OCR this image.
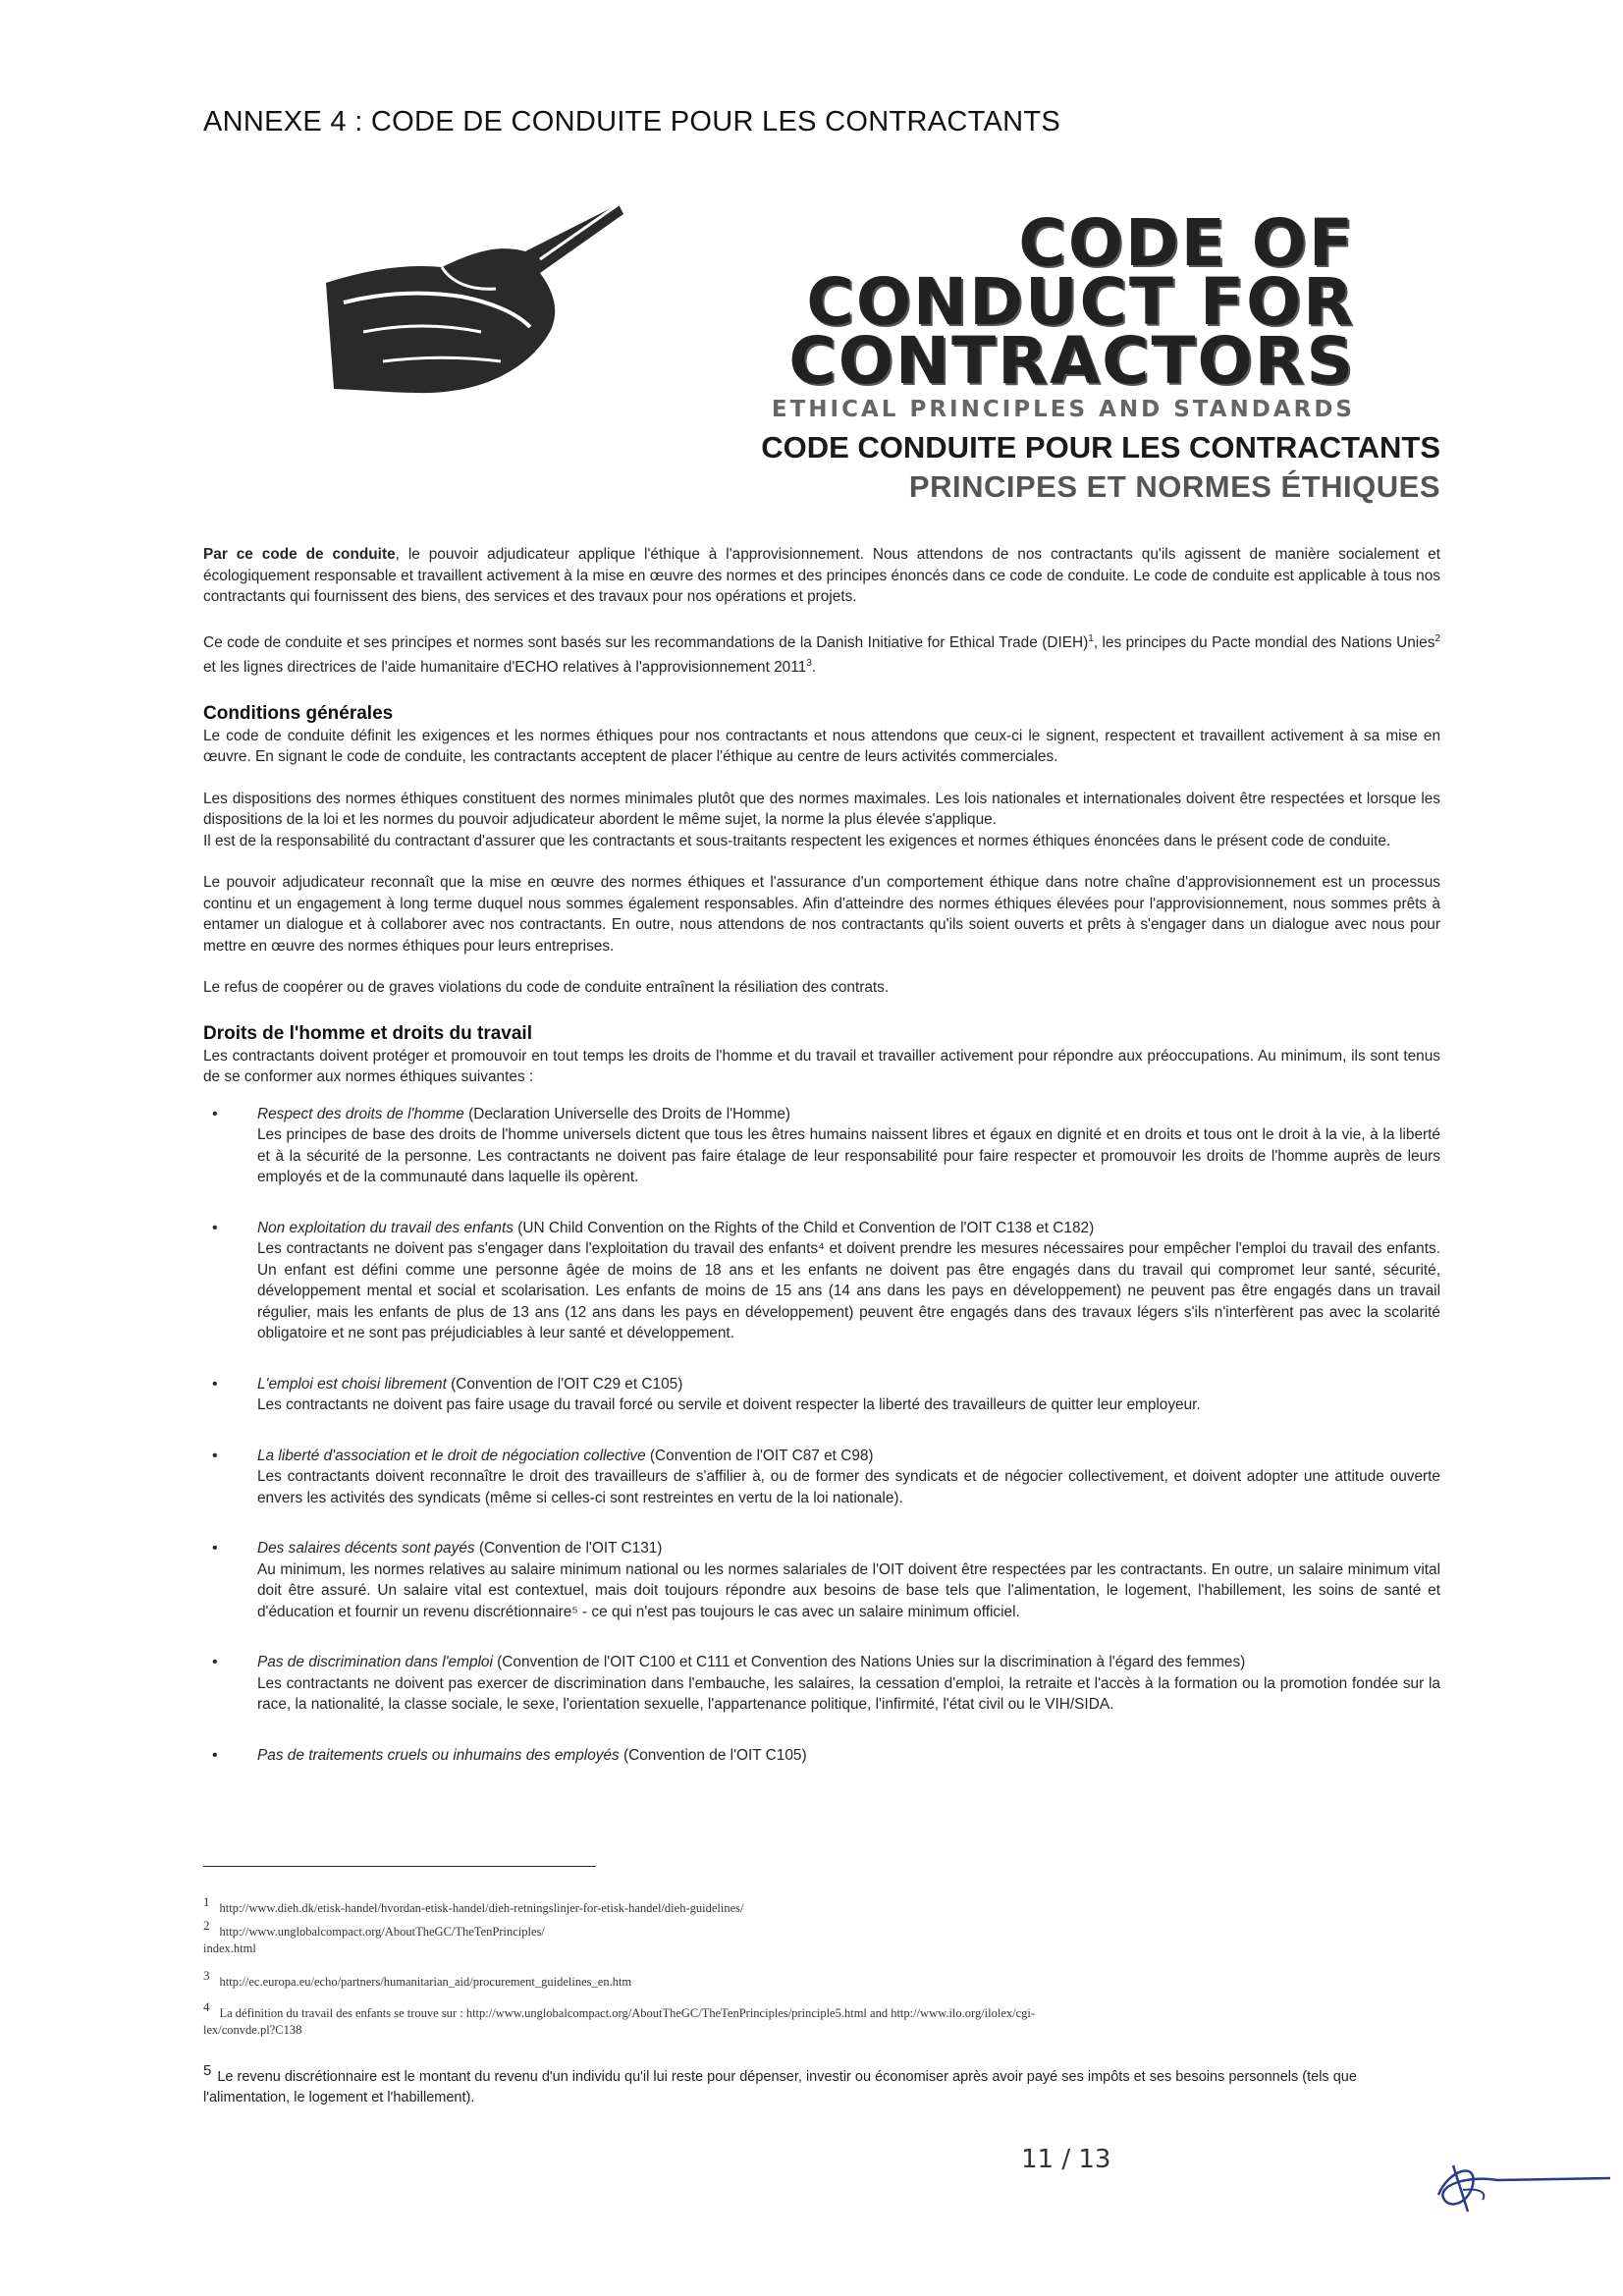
ANNEXE 4 : CODE DE CONDUITE POUR LES CONTRACTANTS
CODE OF
CONDUCT FOR
CONTRACTORS
ETHICAL PRINCIPLES AND STANDARDS
CODE CONDUITE POUR LES CONTRACTANTS
PRINCIPES ET NORMES ÉTHIQUES

Par ce code de conduite, le pouvoir adjudicateur applique l'éthique à l'approvisionnement. Nous attendons de nos contractants qu'ils agissent de manière socialement et écologiquement responsable et travaillent activement à la mise en œuvre des normes et des principes énoncés dans ce code de conduite. Le code de conduite est applicable à tous nos contractants qui fournissent des biens, des services et des travaux pour nos opérations et projets.

Ce code de conduite et ses principes et normes sont basés sur les recommandations de la Danish Initiative for Ethical Trade (DIEH)$^1$, les principes du Pacte mondial des Nations Unies$^2$ et les lignes directrices de l'aide humanitaire d'ECHO relatives à l'approvisionnement 2011$^3$.

Conditions générales

Le code de conduite définit les exigences et les normes éthiques pour nos contractants et nous attendons que ceux-ci le signent, respectent et travaillent activement à sa mise en œuvre. En signant le code de conduite, les contractants acceptent de placer l'éthique au centre de leurs activités commerciales.

Les dispositions des normes éthiques constituent des normes minimales plutôt que des normes maximales. Les lois nationales et internationales doivent être respectées et lorsque les dispositions de la loi et les normes du pouvoir adjudicateur abordent le même sujet, la norme la plus élevée s'applique.

Il est de la responsabilité du contractant d'assurer que les contractants et sous-traitants respectent les exigences et normes éthiques énoncées dans le présent code de conduite.

Le pouvoir adjudicateur reconnaît que la mise en œuvre des normes éthiques et l'assurance d'un comportement éthique dans notre chaîne d'approvisionnement est un processus continu et un engagement à long terme duquel nous sommes également responsables. Afin d'atteindre des normes éthiques élevées pour l'approvisionnement, nous sommes prêts à entamer un dialogue et à collaborer avec nos contractants. En outre, nous attendons de nos contractants qu'ils soient ouverts et prêts à s'engager dans un dialogue avec nous pour mettre en œuvre des normes éthiques pour leurs entreprises.

Le refus de coopérer ou de graves violations du code de conduite entraînent la résiliation des contrats.

Droits de l'homme et droits du travail

Les contractants doivent protéger et promouvoir en tout temps les droits de l'homme et du travail et travailler activement pour répondre aux préoccupations. Au minimum, ils sont tenus de se conformer aux normes éthiques suivantes :

• Respect des droits de l'homme (Declaration Universelle des Droits de l'Homme)
Les principes de base des droits de l'homme universels dictent que tous les êtres humains naissent libres et égaux en dignité et en droits et tous ont le droit à la vie, à la liberté et à la sécurité de la personne. Les contractants ne doivent pas faire étalage de leur responsabilité pour faire respecter et promouvoir les droits de l'homme auprès de leurs employés et de la communauté dans laquelle ils opèrent.
• Non exploitation du travail des enfants (UN Child Convention on the Rights of the Child et Convention de l'OIT C138 et C182)
Les contractants ne doivent pas s'engager dans l'exploitation du travail des enfants⁴ et doivent prendre les mesures nécessaires pour empêcher l'emploi du travail des enfants. Un enfant est défini comme une personne âgée de moins de 18 ans et les enfants ne doivent pas être engagés dans du travail qui compromet leur santé, sécurité, développement mental et social et scolarisation. Les enfants de moins de 15 ans (14 ans dans les pays en développement) ne peuvent pas être engagés dans un travail régulier, mais les enfants de plus de 13 ans (12 ans dans les pays en développement) peuvent être engagés dans des travaux légers s'ils n'interfèrent pas avec la scolarité obligatoire et ne sont pas préjudiciables à leur santé et développement.
• L'emploi est choisi librement (Convention de l'OIT C29 et C105)
Les contractants ne doivent pas faire usage du travail forcé ou servile et doivent respecter la liberté des travailleurs de quitter leur employeur.
• La liberté d'association et le droit de négociation collective (Convention de l'OIT C87 et C98)
Les contractants doivent reconnaître le droit des travailleurs de s'affilier à, ou de former des syndicats et de négocier collectivement, et doivent adopter une attitude ouverte envers les activités des syndicats (même si celles-ci sont restreintes en vertu de la loi nationale).
• Des salaires décents sont payés (Convention de l'OIT C131)
Au minimum, les normes relatives au salaire minimum national ou les normes salariales de l'OIT doivent être respectées par les contractants. En outre, un salaire minimum vital doit être assuré. Un salaire vital est contextuel, mais doit toujours répondre aux besoins de base tels que l'alimentation, le logement, l'habillement, les soins de santé et d'éducation et fournir un revenu discrétionnaire⁵ - ce qui n'est pas toujours le cas avec un salaire minimum officiel.
• Pas de discrimination dans l'emploi (Convention de l'OIT C100 et C111 et Convention des Nations Unies sur la discrimination à l'égard des femmes)
Les contractants ne doivent pas exercer de discrimination dans l'embauche, les salaires, la cessation d'emploi, la retraite et l'accès à la formation ou la promotion fondée sur la race, la nationalité, la classe sociale, le sexe, l'orientation sexuelle, l'appartenance politique, l'infirmité, l'état civil ou le VIH/SIDA.
• Pas de traitements cruels ou inhumains des employés (Convention de l'OIT C105)
$^1$ http://www.dieh.dk/etisk-handel/hvordan-etisk-handel/dieh-retningslinjer-for-etisk-handel/dieh-guidelines/
$^2$ http://www.unglobalcompact.org/AboutTheGC/TheTenPrinciples/
index.html
$^3$ http://ec.europa.eu/echo/partners/humanitarian_aid/procurement_guidelines_en.htm
$^4$ La définition du travail des enfants se trouve sur : http://www.unglobalcompact.org/AboutTheGC/TheTenPrinciples/principle5.html and http://www.ilo.org/ilolex/cgi-
lex/convde.pl?C138
$^5$ Le revenu discrétionnaire est le montant du revenu d'un individu qu'il lui reste pour dépenser, investir ou économiser après avoir payé ses impôts et ses besoins personnels (tels que l'alimentation, le logement et l'habillement).
11 / 13
